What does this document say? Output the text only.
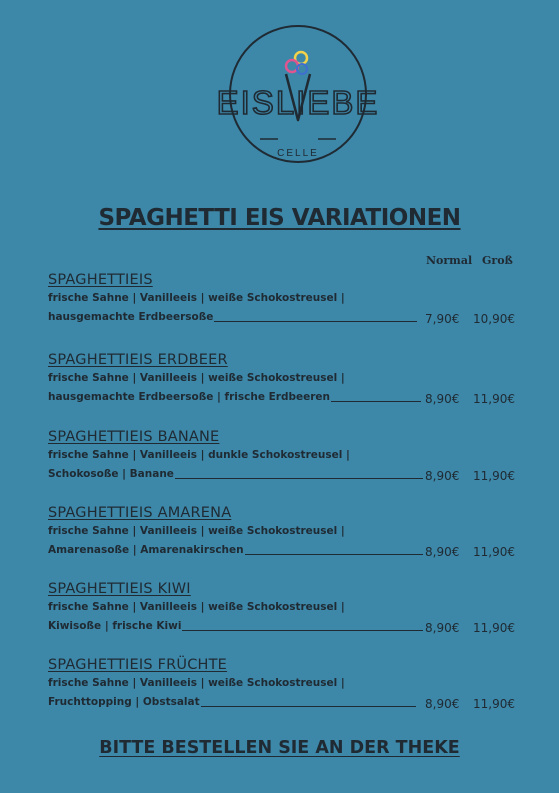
EISLIEBE
CELLE
SPAGHETTI EIS VARIATIONEN
Normal Groß
SPAGHETTIEIS
frische Sahne | Vanilleeis | weiße Schokostreusel |
hausgemachte Erdbeersoße	7,90€ 10,90€
SPAGHETTIEIS ERDBEER
frische Sahne | Vanilleeis | weiße Schokostreusel |
hausgemachte Erdbeersoße | frische Erdbeeren	8,90€ 11,90€
SPAGHETTIEIS BANANE
frische Sahne | Vanilleeis | dunkle Schokostreusel |
Schokosoße | Banane	8,90€ 11,90€
SPAGHETTIEIS AMARENA
frische Sahne | Vanilleeis | weiße Schokostreusel |
Amarenasoße | Amarenakirschen	8,90€ 11,90€
SPAGHETTIEIS KIWI
frische Sahne | Vanilleeis | weiße Schokostreusel |
Kiwisoße | frische Kiwi	8,90€ 11,90€
SPAGHETTIEIS FRÜCHTE
frische Sahne | Vanilleeis | weiße Schokostreusel |
Fruchttopping | Obstsalat	8,90€ 11,90€
BITTE BESTELLEN SIE AN DER THEKE
